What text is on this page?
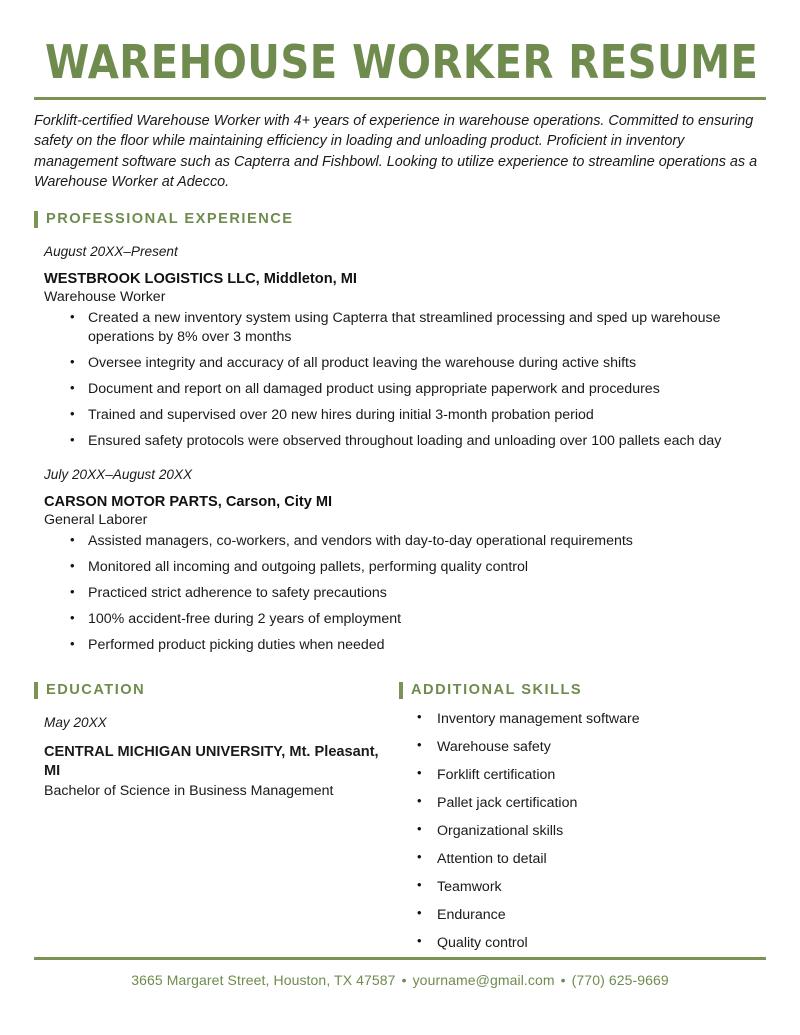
WAREHOUSE WORKER RESUME

Forklift-certified Warehouse Worker with 4+ years of experience in warehouse operations. Committed to ensuring safety on the floor while maintaining efficiency in loading and unloading product. Proficient in inventory management software such as Capterra and Fishbowl. Looking to utilize experience to streamline operations as a Warehouse Worker at Adecco.

PROFESSIONAL EXPERIENCE
August 20XX–Present
WESTBROOK LOGISTICS LLC, Middleton, MI
Warehouse Worker
• Created a new inventory system using Capterra that streamlined processing and sped up warehouse operations by 8% over 3 months
• Oversee integrity and accuracy of all product leaving the warehouse during active shifts
• Document and report on all damaged product using appropriate paperwork and procedures
• Trained and supervised over 20 new hires during initial 3-month probation period
• Ensured safety protocols were observed throughout loading and unloading over 100 pallets each day
July 20XX–August 20XX
CARSON MOTOR PARTS, Carson, City MI
General Laborer
• Assisted managers, co-workers, and vendors with day-to-day operational requirements
• Monitored all incoming and outgoing pallets, performing quality control
• Practiced strict adherence to safety precautions
• 100% accident-free during 2 years of employment
• Performed product picking duties when needed
EDUCATION
May 20XX
CENTRAL MICHIGAN UNIVERSITY, Mt. Pleasant, MI
Bachelor of Science in Business Management
ADDITIONAL SKILLS
• Inventory management software
• Warehouse safety
• Forklift certification
• Pallet jack certification
• Organizational skills
• Attention to detail
• Teamwork
• Endurance
• Quality control
3665 Margaret Street, Houston, TX 47587 • yourname@gmail.com • (770) 625-9669
